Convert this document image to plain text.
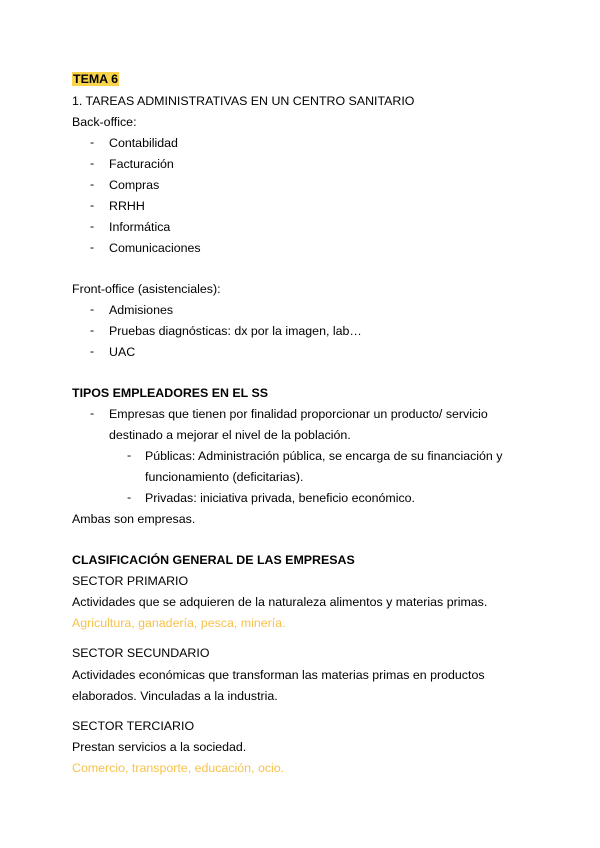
TEMA 6
1. TAREAS ADMINISTRATIVAS EN UN CENTRO SANITARIO
Back-office:
-	Contabilidad
-	Facturación
-	Compras
-	RRHH
-	Informática
-	Comunicaciones
Front-office (asistenciales):
-	Admisiones
-	Pruebas diagnósticas: dx por la imagen, lab…
-	UAC
TIPOS EMPLEADORES EN EL SS
-	Empresas que tienen por finalidad proporcionar un producto/ servicio
destinado a mejorar el nivel de la población.
-	Públicas: Administración pública, se encarga de su financiación y
funcionamiento (deficitarias).
-	Privadas: iniciativa privada, beneficio económico.
Ambas son empresas.
CLASIFICACIÓN GENERAL DE LAS EMPRESAS
SECTOR PRIMARIO
Actividades que se adquieren de la naturaleza alimentos y materias primas.
Agricultura, ganadería, pesca, minería.
SECTOR SECUNDARIO
Actividades económicas que transforman las materias primas en productos
elaborados. Vinculadas a la industria.
SECTOR TERCIARIO
Prestan servicios a la sociedad.
Comercio, transporte, educación, ocio.
